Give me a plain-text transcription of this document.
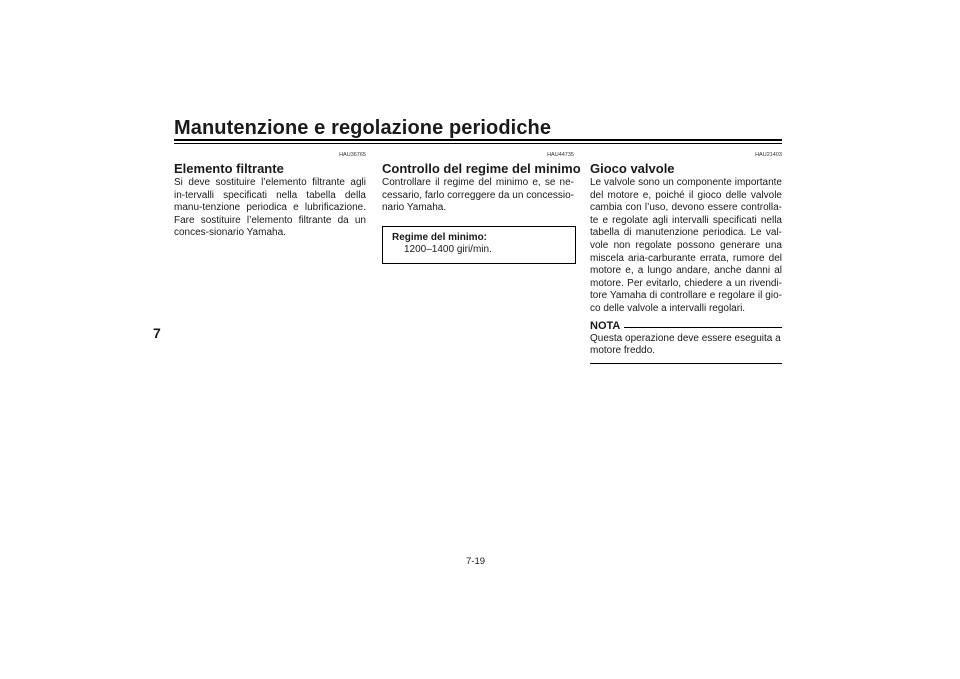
Manutenzione e regolazione periodiche
7
HAU36765
Elemento filtrante
Si deve sostituire l’elemento filtrante agli in-tervalli specificati nella tabella della manu-tenzione periodica e lubrificazione. Fare sostituire l’elemento filtrante da un conces-sionario Yamaha.
HAU44735
Controllo del regime del minimo
Controllare il regime del minimo e, se ne-cessario, farlo correggere da un concessio-nario Yamaha.
Regime del minimo:
1200–1400 giri/min.
HAU21403
Gioco valvole
Le valvole sono un componente importante del motore e, poiché il gioco delle valvole cambia con l’uso, devono essere controlla-te e regolate agli intervalli specificati nella tabella di manutenzione periodica. Le val-vole non regolate possono generare una miscela aria-carburante errata, rumore del motore e, a lungo andare, anche danni al motore. Per evitarlo, chiedere a un rivendi-tore Yamaha di controllare e regolare il gio-co delle valvole a intervalli regolari.
NOTA
Questa operazione deve essere eseguita a motore freddo.
7-19
